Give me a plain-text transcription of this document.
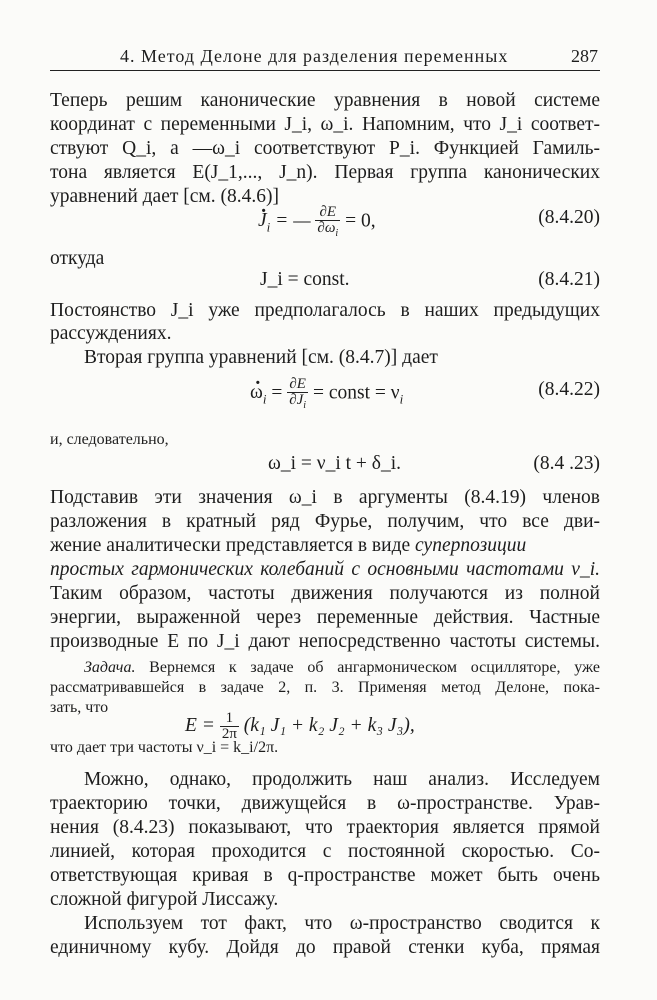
4. Метод Делоне для разделения переменных	287
Теперь решим канонические уравнения в новой системе
координат с переменными J_i, ω_i. Напомним, что J_i соответ-
ствуют Q_i, а —ω_i соответствуют P_i. Функцией Гамиль-
тона является E(J_1,..., J_n). Первая группа канонических
уравнений дает [см. (8.4.6)]
· $J_i$ = — $\frac{\partial E}{\partial\omega_i} = 0$,	(8.4.20)
откуда
J_i = const.	(8.4.21)
Постоянство J_i уже предполагалось в наших предыдущих
рассуждениях.
Вторая группа уравнений [см. (8.4.7)] дает
· $\omega_i = \frac{\partial E}{\partial J_i}$ = const = $\nu_i$	(8.4.22)
и, следовательно,
ω_i = ν_i t + δ_i.	(8.4 .23)
Подставив эти значения ω_i в аргументы (8.4.19) членов
разложения в кратный ряд Фурье, получим, что все дви-
жение аналитически представляется в виде суперпозиции
простых гармонических колебаний с основными частотами ν_i.
Таким образом, частоты движения получаются из полной
энергии, выраженной через переменные действия. Частные
производные E по J_i дают непосредственно частоты системы.
Задача. Вернемся к задаче об ангармоническом осцилляторе, уже
рассматривавшейся в задаче 2, п. 3. Применяя метод Делоне, пока-
зать, что
$E = \frac{1}{2\pi} (k_1$ J₁ + k₂ J₂ + k₃ J₃),
что дает три частоты ν_i = k_i/2π.
Можно, однако, продолжить наш анализ. Исследуем
траекторию точки, движущейся в ω-пространстве. Урав-
нения (8.4.23) показывают, что траектория является прямой
линией, которая проходится с постоянной скоростью. Со-
ответствующая кривая в q-пространстве может быть очень
сложной фигурой Лиссажу.
Используем тот факт, что ω-пространство сводится к
единичному кубу. Дойдя до правой стенки куба, прямая
